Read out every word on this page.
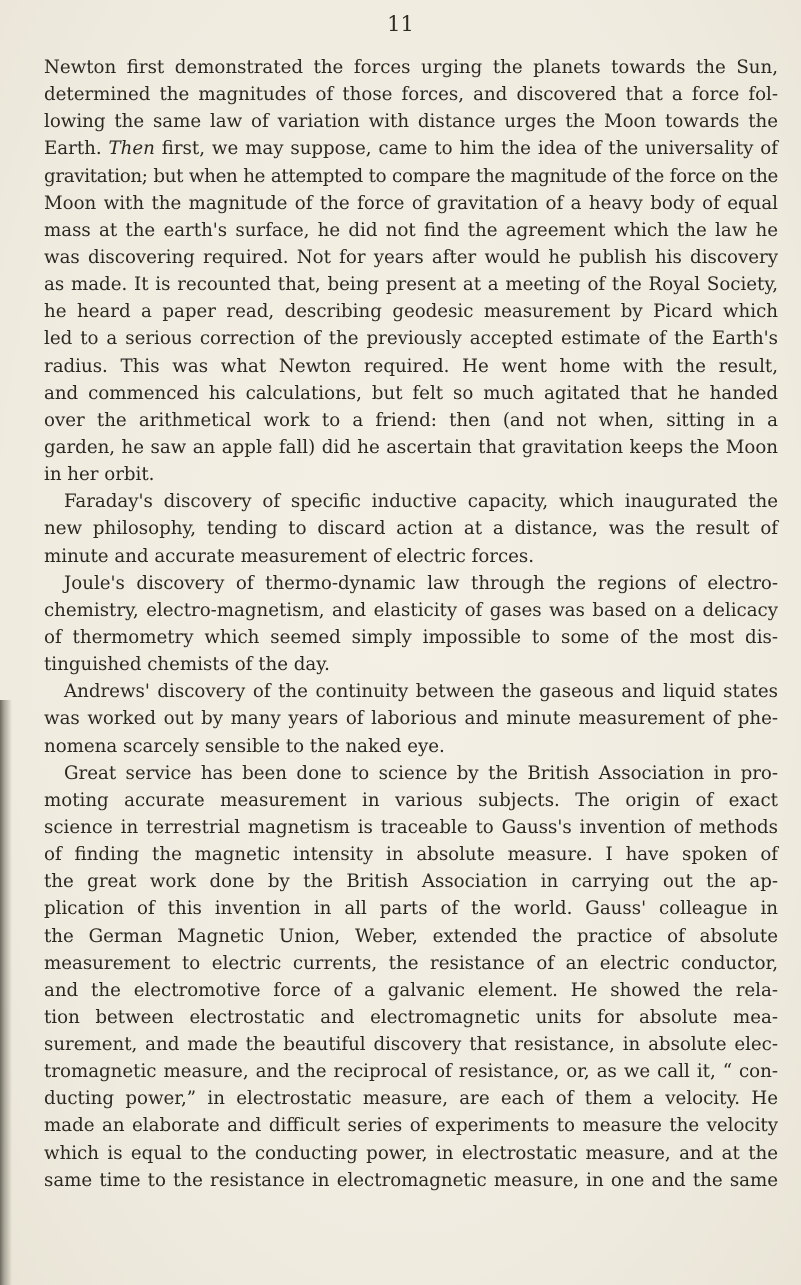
11
Newton first demonstrated the forces urging the planets towards the Sun,
determined the magnitudes of those forces, and discovered that a force fol-
lowing the same law of variation with distance urges the Moon towards the
Earth. Then first, we may suppose, came to him the idea of the universality of
gravitation; but when he attempted to compare the magnitude of the force on the
Moon with the magnitude of the force of gravitation of a heavy body of equal
mass at the earth's surface, he did not find the agreement which the law he
was discovering required. Not for years after would he publish his discovery
as made. It is recounted that, being present at a meeting of the Royal Society,
he heard a paper read, describing geodesic measurement by Picard which
led to a serious correction of the previously accepted estimate of the Earth's
radius. This was what Newton required. He went home with the result,
and commenced his calculations, but felt so much agitated that he handed
over the arithmetical work to a friend: then (and not when, sitting in a
garden, he saw an apple fall) did he ascertain that gravitation keeps the Moon
in her orbit.
Faraday's discovery of specific inductive capacity, which inaugurated the
new philosophy, tending to discard action at a distance, was the result of
minute and accurate measurement of electric forces.
Joule's discovery of thermo-dynamic law through the regions of electro-
chemistry, electro-magnetism, and elasticity of gases was based on a delicacy
of thermometry which seemed simply impossible to some of the most dis-
tinguished chemists of the day.
Andrews' discovery of the continuity between the gaseous and liquid states
was worked out by many years of laborious and minute measurement of phe-
nomena scarcely sensible to the naked eye.
Great service has been done to science by the British Association in pro-
moting accurate measurement in various subjects. The origin of exact
science in terrestrial magnetism is traceable to Gauss's invention of methods
of finding the magnetic intensity in absolute measure. I have spoken of
the great work done by the British Association in carrying out the ap-
plication of this invention in all parts of the world. Gauss' colleague in
the German Magnetic Union, Weber, extended the practice of absolute
measurement to electric currents, the resistance of an electric conductor,
and the electromotive force of a galvanic element. He showed the rela-
tion between electrostatic and electromagnetic units for absolute mea-
surement, and made the beautiful discovery that resistance, in absolute elec-
tromagnetic measure, and the reciprocal of resistance, or, as we call it, “ con-
ducting power,” in electrostatic measure, are each of them a velocity. He
made an elaborate and difficult series of experiments to measure the velocity
which is equal to the conducting power, in electrostatic measure, and at the
same time to the resistance in electromagnetic measure, in one and the same
